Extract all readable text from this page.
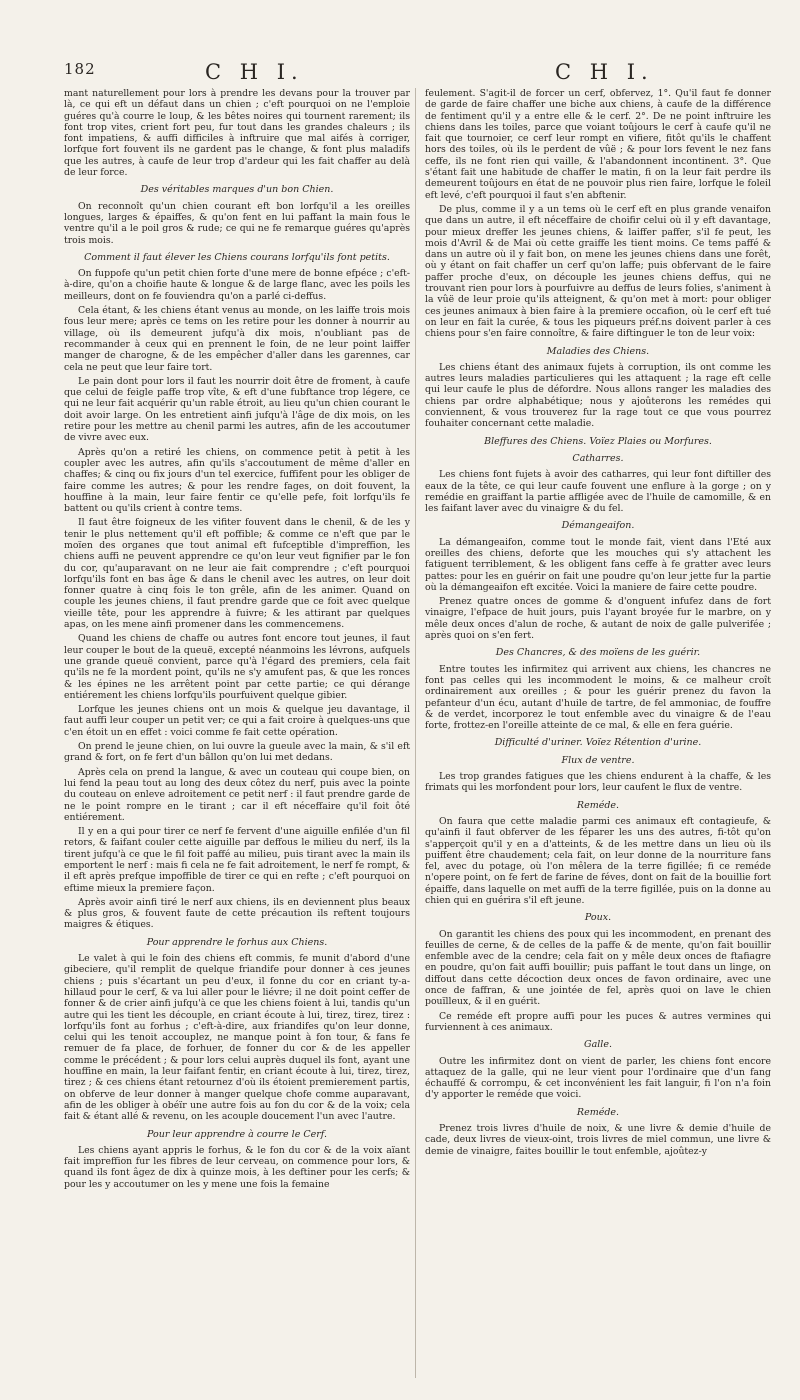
182	C H I.	C H I.

mant naturellement pour lors à prendre les devans pour la trouver par là, ce qui eft un défaut dans un chien ; c'eft pourquoi on ne l'emploie guéres qu'à courre le loup, & les bêtes noires qui tournent rarement; ils font trop vites, crient fort peu, fur tout dans les grandes chaleurs ; ils font impatiens, & auffi difficiles à inftruire que mal aifés à corriger, lorfque fort fouvent ils ne gardent pas le change, & font plus maladifs que les autres, à caufe de leur trop d'ardeur qui les fait chaffer au delà de leur force.

Des véritables marques d'un bon Chien.

On reconnoît qu'un chien courant eft bon lorfqu'il a les oreilles longues, larges & épaiffes, & qu'on fent en lui paffant la main fous le ventre qu'il a le poil gros & rude; ce qui ne fe remarque guéres qu'après trois mois.

Comment il faut élever les Chiens courans lorfqu'ils font petits.

On fuppofe qu'un petit chien forte d'une mere de bonne efpéce ; c'eft-à-dire, qu'on a choifie haute & longue & de large flanc, avec les poils les meilleurs, dont on fe fouviendra qu'on a parlé ci-deffus.

Cela étant, & les chiens étant venus au monde, on les laiffe trois mois fous leur mere; après ce tems on les retire pour les donner à nourrir au village, où ils demeurent jufqu'à dix mois, n'oubliant pas de recommander à ceux qui en prennent le foin, de ne leur point laiffer manger de charogne, & de les empêcher d'aller dans les garennes, car cela ne peut que leur faire tort.

Le pain dont pour lors il faut les nourrir doit être de froment, à caufe que celui de feigle paffe trop vîte, & eft d'une fubftance trop légere, ce qui ne leur fait acquérir qu'un rable étroit, au lieu qu'un chien courant le doit avoir large. On les entretient ainfi jufqu'à l'âge de dix mois, on les retire pour les mettre au chenil parmi les autres, afin de les accoutumer de vivre avec eux.

Après qu'on a retiré les chiens, on commence petit à petit à les coupler avec les autres, afin qu'ils s'accoutument de même d'aller en chaffes; & cinq ou fix jours d'un tel exercice, fuffifent pour les obliger de faire comme les autres; & pour les rendre fages, on doit fouvent, la houffine à la main, leur faire fentir ce qu'elle pefe, foit lorfqu'ils fe battent ou qu'ils crient à contre tems.

Il faut être foigneux de les vifiter fouvent dans le chenil, & de les y tenir le plus nettement qu'il eft poffible; & comme ce n'eft que par le moïen des organes que tout animal eft fufceptible d'impreffion, les chiens auffi ne peuvent apprendre ce qu'on leur veut fignifier par le fon du cor, qu'auparavant on ne leur aie fait comprendre ; c'eft pourquoi lorfqu'ils font en bas âge & dans le chenil avec les autres, on leur doit fonner quatre à cinq fois le ton grêle, afin de les animer. Quand on couple les jeunes chiens, il faut prendre garde que ce foit avec quelque vieille tête, pour les apprendre à fuivre; & les attirant par quelques apas, on les mene ainfi promener dans les commencemens.

Quand les chiens de chaffe ou autres font encore tout jeunes, il faut leur couper le bout de la queuë, excepté néanmoins les lévrons, aufquels une grande queuë convient, parce qu'à l'égard des premiers, cela fait qu'ils ne fe la mordent point, qu'ils ne s'y amufent pas, & que les ronces & les épines ne les arrêtent point par cette partie; ce qui dérange entiérement les chiens lorfqu'ils pourfuivent quelque gibier.

Lorfque les jeunes chiens ont un mois & quelque jeu davantage, il faut auffi leur couper un petit ver; ce qui a fait croire à quelques-uns que c'en étoit un en effet : voici comme fe fait cette opération.

On prend le jeune chien, on lui ouvre la gueule avec la main, & s'il eft grand & fort, on fe fert d'un bâllon qu'on lui met dedans.

Après cela on prend la langue, & avec un couteau qui coupe bien, on lui fend la peau tout au long des deux côtez du nerf, puis avec la pointe du couteau on enleve adroitement ce petit nerf : il faut prendre garde de ne le point rompre en le tirant ; car il eft néceffaire qu'il foit ôté entiérement.

Il y en a qui pour tirer ce nerf fe fervent d'une aiguille enfilée d'un fil retors, & faifant couler cette aiguille par deffous le milieu du nerf, ils la tirent jufqu'à ce que le fil foit paffé au milieu, puis tirant avec la main ils emportent le nerf : mais fi cela ne fe fait adroitement, le nerf fe rompt, & il eft après prefque impoffible de tirer ce qui en refte ; c'eft pourquoi on eftime mieux la premiere façon.

Après avoir ainfi tiré le nerf aux chiens, ils en deviennent plus beaux & plus gros, & fouvent faute de cette précaution ils reftent toujours maigres & étiques.

Pour apprendre le forhus aux Chiens.

Le valet à qui le foin des chiens eft commis, fe munit d'abord d'une gibeciere, qu'il remplit de quelque friandife pour donner à ces jeunes chiens ; puis s'écartant un peu d'eux, il fonne du cor en criant ty-a-hillaud pour le cerf, & va lui aller pour le liévre; il ne doit point ceffer de fonner & de crier ainfi jufqu'à ce que les chiens foient à lui, tandis qu'un autre qui les tient les découple, en criant écoute à lui, tirez, tirez, tirez : lorfqu'ils font au forhus ; c'eft-à-dire, aux friandifes qu'on leur donne, celui qui les tenoit accouplez, ne manque point à fon tour, & fans fe remuer de fa place, de forhuer, de fonner du cor & de les appeller comme le précédent ; & pour lors celui auprès duquel ils font, ayant une houffine en main, la leur faifant fentir, en criant écoute à lui, tirez, tirez, tirez ; & ces chiens étant retournez d'où ils étoient premierement partis, on obferve de leur donner à manger quelque chofe comme auparavant, afin de les obliger à obéïr une autre fois au fon du cor & de la voix; cela fait & étant allé & revenu, on les acouple doucement l'un avec l'autre.

Pour leur apprendre à courre le Cerf.

Les chiens ayant appris le forhus, & le fon du cor & de la voix aïant fait impreffion fur les fibres de leur cerveau, on commence pour lors, & quand ils font âgez de dix à quinze mois, à les deftiner pour les cerfs; & pour les y accoutumer on les y mene une fois la femaine

feulement. S'agit-il de forcer un cerf, obfervez, 1°. Qu'il faut fe donner de garde de faire chaffer une biche aux chiens, à caufe de la différence de fentiment qu'il y a entre elle & le cerf. 2°. De ne point inftruire les chiens dans les toiles, parce que voiant toûjours le cerf à caufe qu'il ne fait que tournoier, ce cerf leur rompt en vifiere, fitôt qu'ils le chaffent hors des toiles, où ils le perdent de vûë ; & pour lors fevent le nez fans ceffe, ils ne font rien qui vaille, & l'abandonnent incontinent. 3°. Que s'étant fait une habitude de chaffer le matin, fi on la leur fait perdre ils demeurent toûjours en état de ne pouvoir plus rien faire, lorfque le foleil eft levé, c'eft pourquoi il faut s'en abftenir.

De plus, comme il y a un tems où le cerf eft en plus grande venaifon que dans un autre, il eft néceffaire de choifir celui où il y eft davantage, pour mieux dreffer les jeunes chiens, & laiffer paffer, s'il fe peut, les mois d'Avril & de Mai où cette graiffe les tient moins. Ce tems paffé & dans un autre où il y fait bon, on mene les jeunes chiens dans une forêt, où y étant on fait chaffer un cerf qu'on laffe; puis obfervant de le faire paffer proche d'eux, on découple les jeunes chiens deffus, qui ne trouvant rien pour lors à pourfuivre au deffus de leurs folies, s'animent à la vûë de leur proie qu'ils atteignent, & qu'on met à mort: pour obliger ces jeunes animaux à bien faire à la premiere occafion, où le cerf eft tué on leur en fait la curée, & tous les piqueurs préf.ns doivent parler à ces chiens pour s'en faire connoître, & faire diftinguer le ton de leur voix:

Maladies des Chiens.

Les chiens étant des animaux fujets à corruption, ils ont comme les autres leurs maladies particulieres qui les attaquent ; la rage eft celle qui leur caufe le plus de défordre. Nous allons ranger les maladies des chiens par ordre alphabétique; nous y ajoûterons les remédes qui conviennent, & vous trouverez fur la rage tout ce que vous pourrez fouhaiter concernant cette maladie.

Bleffures des Chiens. Voïez Plaies ou Morfures.
Catharres.

Les chiens font fujets à avoir des catharres, qui leur font diftiller des eaux de la tête, ce qui leur caufe fouvent une enflure à la gorge ; on y remédie en graiffant la partie affligée avec de l'huile de camomille, & en les faifant laver avec du vinaigre & du fel.

Démangeaifon.

La démangeaifon, comme tout le monde fait, vient dans l'Eté aux oreilles des chiens, deforte que les mouches qui s'y attachent les fatiguent terriblement, & les obligent fans ceffe à fe gratter avec leurs pattes: pour les en guérir on fait une poudre qu'on leur jette fur la partie où la démangeaifon eft excitée. Voici la maniere de faire cette poudre.

Prenez quatre onces de gomme & d'onguent infufez dans de fort vinaigre, l'efpace de huit jours, puis l'ayant broyée fur le marbre, on y mêle deux onces d'alun de roche, & autant de noix de galle pulverifée ; après quoi on s'en fert.

Des Chancres, & des moïens de les guérir.

Entre toutes les infirmitez qui arrivent aux chiens, les chancres ne font pas celles qui les incommodent le moins, & ce malheur croît ordinairement aux oreilles ; & pour les guérir prenez du favon la pefanteur d'un écu, autant d'huile de tartre, de fel ammoniac, de fouffre & de verdet, incorporez le tout enfemble avec du vinaigre & de l'eau forte, frottez-en l'oreille atteinte de ce mal, & elle en fera guérie.

Difficulté d'uriner. Voïez Rétention d'urine.
Flux de ventre.

Les trop grandes fatigues que les chiens endurent à la chaffe, & les frimats qui les morfondent pour lors, leur caufent le flux de ventre.

Reméde.

On faura que cette maladie parmi ces animaux eft contagieufe, & qu'ainfi il faut obferver de les féparer les uns des autres, fi-tôt qu'on s'apperçoit qu'il y en a d'atteints, & de les mettre dans un lieu où ils puiffent être chaudement; cela fait, on leur donne de la nourriture fans fel, avec du potage, où l'on mêlera de la terre figillée; fi ce reméde n'opere point, on fe fert de farine de féves, dont on fait de la bouillie fort épaiffe, dans laquelle on met auffi de la terre figillée, puis on la donne au chien qui en guérira s'il eft jeune.

Poux.

On garantit les chiens des poux qui les incommodent, en prenant des feuilles de cerne, & de celles de la paffe & de mente, qu'on fait bouillir enfemble avec de la cendre; cela fait on y mêle deux onces de ftafiagre en poudre, qu'on fait auffi bouillir; puis paffant le tout dans un linge, on diffout dans cette décoction deux onces de favon ordinaire, avec une once de faffran, & une jointée de fel, après quoi on lave le chien pouïlleux, & il en guérit.

Ce reméde eft propre auffi pour les puces & autres vermines qui furviennent à ces animaux.

Galle.

Outre les infirmitez dont on vient de parler, les chiens font encore attaquez de la galle, qui ne leur vient pour l'ordinaire que d'un fang échauffé & corrompu, & cet inconvénient les fait languir, fi l'on n'a foin d'y apporter le reméde que voici.

Reméde.

Prenez trois livres d'huile de noix, & une livre & demie d'huile de cade, deux livres de vieux-oint, trois livres de miel commun, une livre & demie de vinaigre, faites bouillir le tout enfemble, ajoûtez-y
